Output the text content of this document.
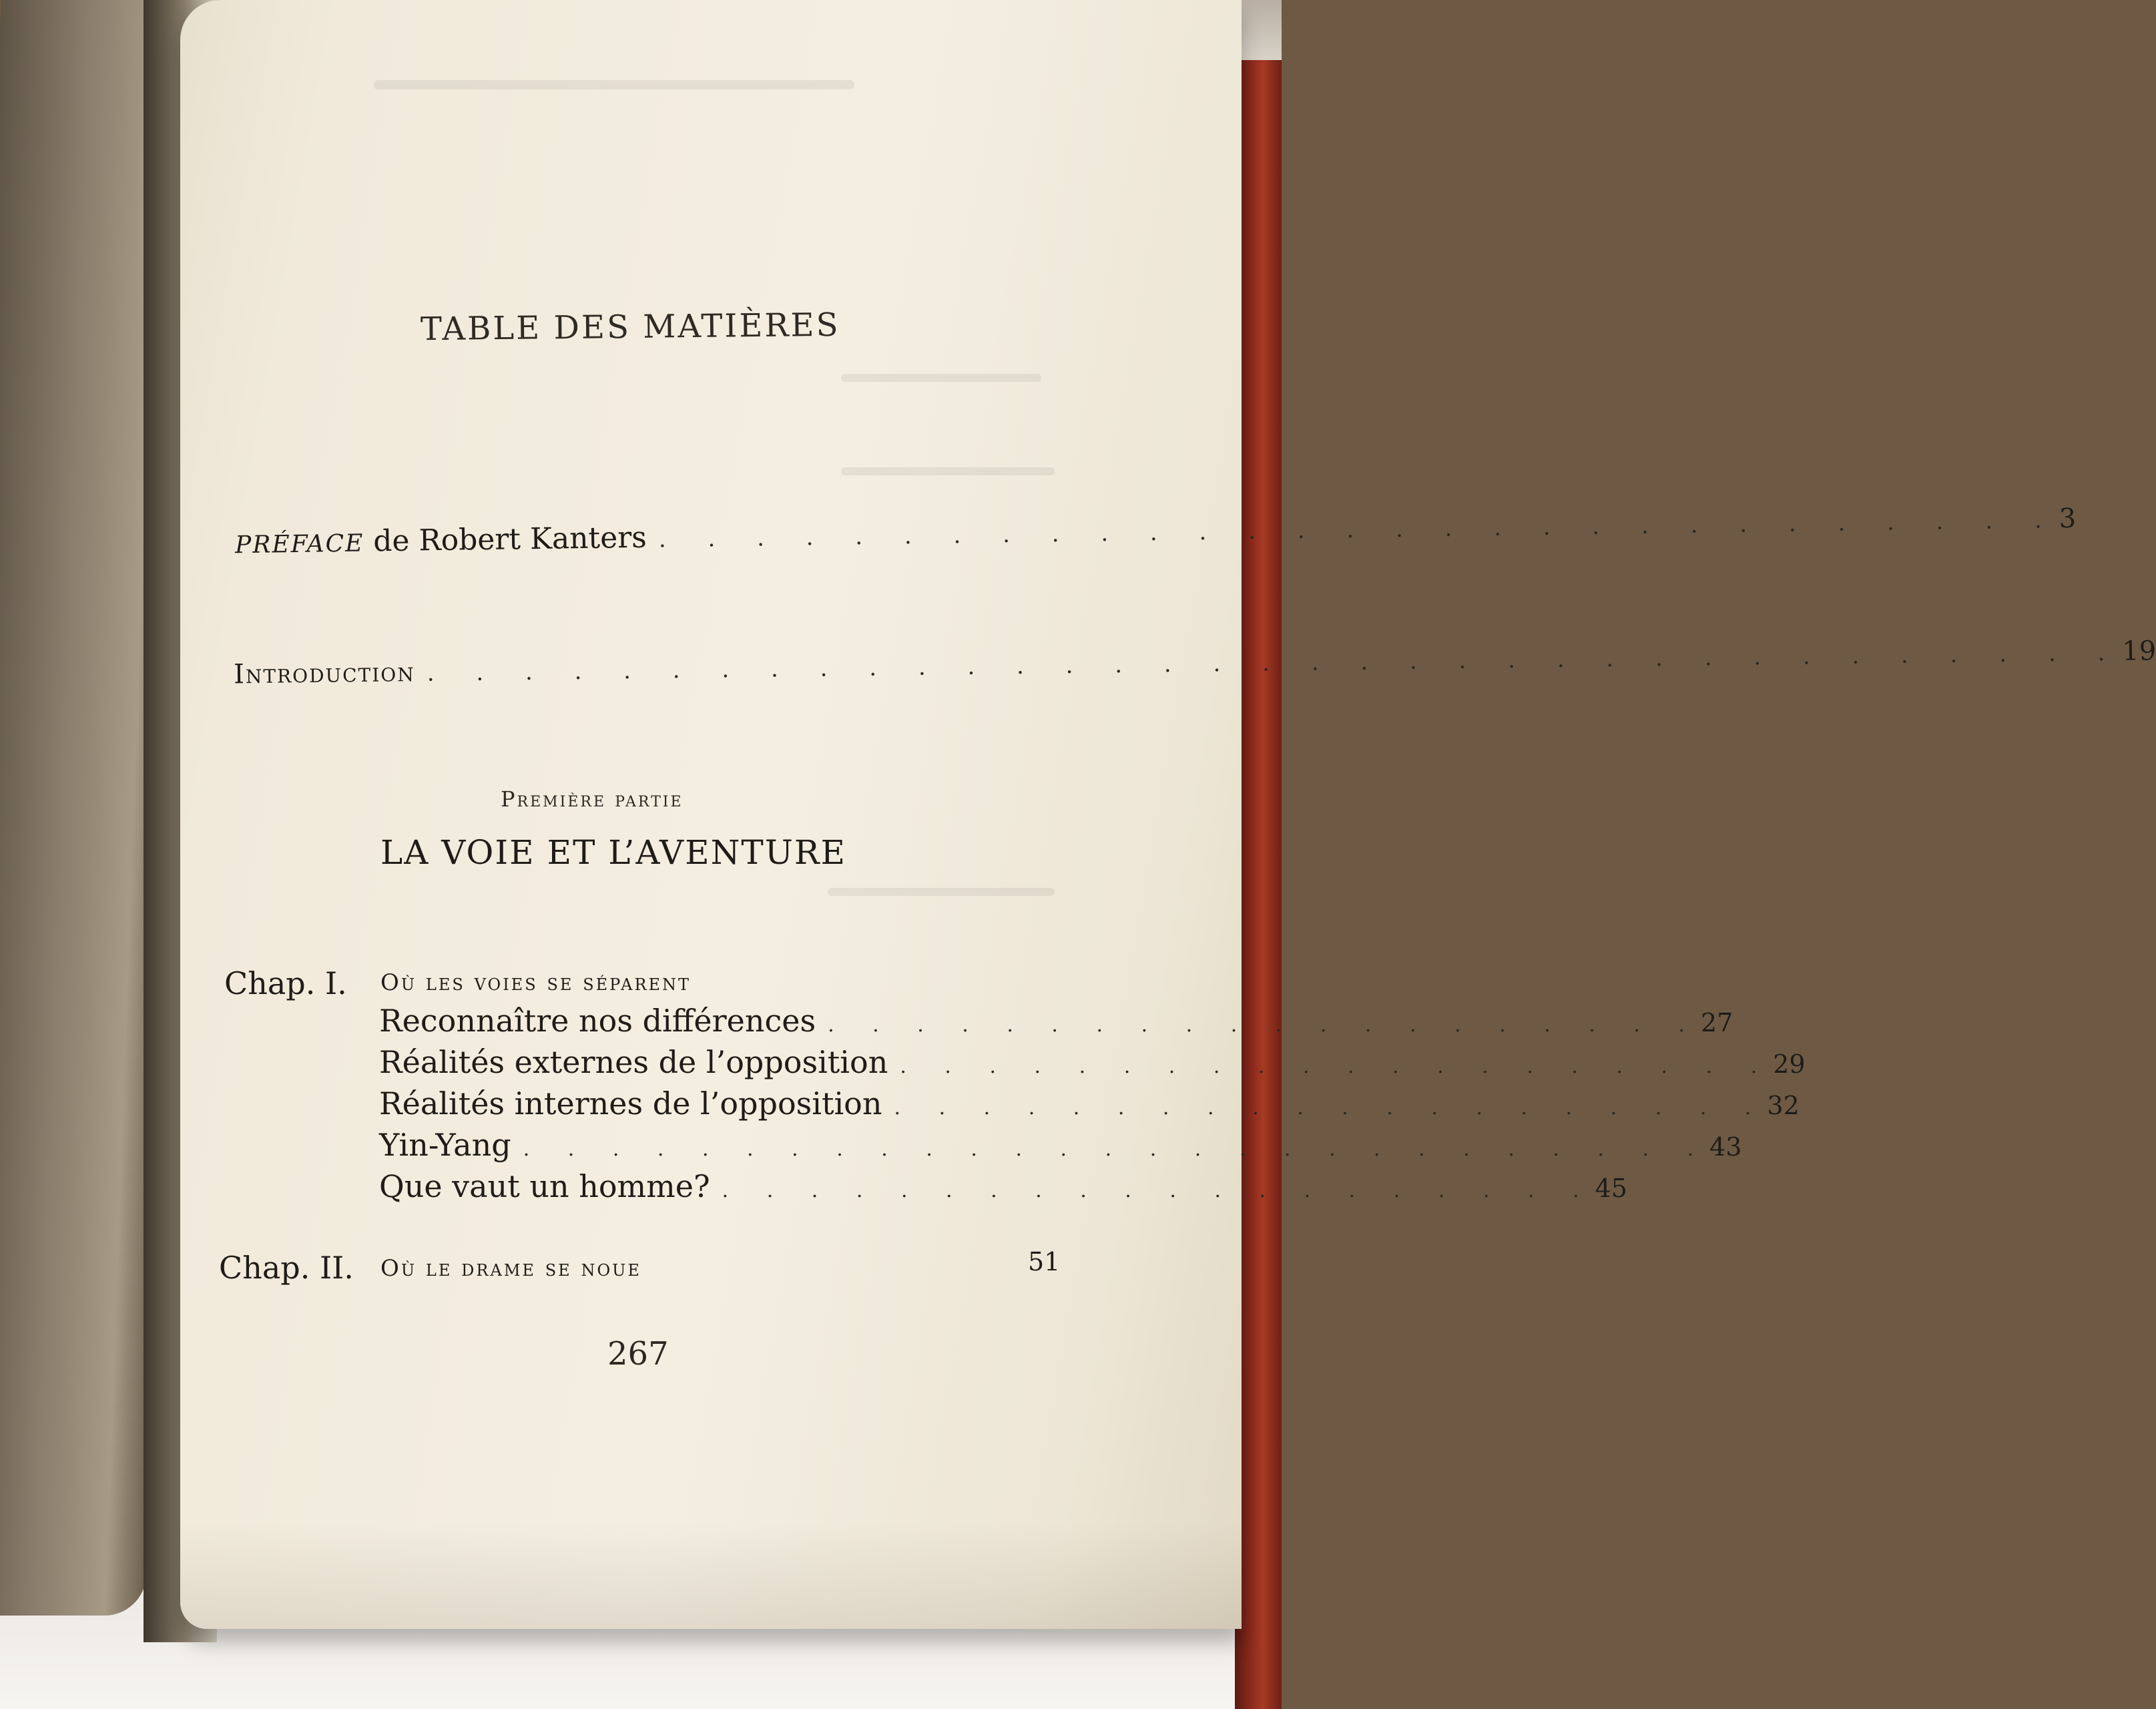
TABLE DES MATIÈRES
PRÉFACE
de Robert Kanters . . . . . . . . . . . . . . . . . . . . . . . . . . . . . 3
Introduction . . . . . . . . . . . . . . . . . . . . . . . . . . . . . . . . . . . 19
Première partie
LA VOIE ET L’AVENTURE
Chap. I. Où les voies se séparent
Reconnaître nos différences . . . . . . . . . . . . . . . . . . . . 27
Réalités externes de l’opposition . . . . . . . . . . . . . . . . . . . . 29
Réalités internes de l’opposition . . . . . . . . . . . . . . . . . . . . 32
Yin-Yang . . . . . . . . . . . . . . . . . . . . . . . . . . . 43
Que vaut un homme? . . . . . . . . . . . . . . . . . . . . 45
Chap. II. Où le drame se noue	51
267
